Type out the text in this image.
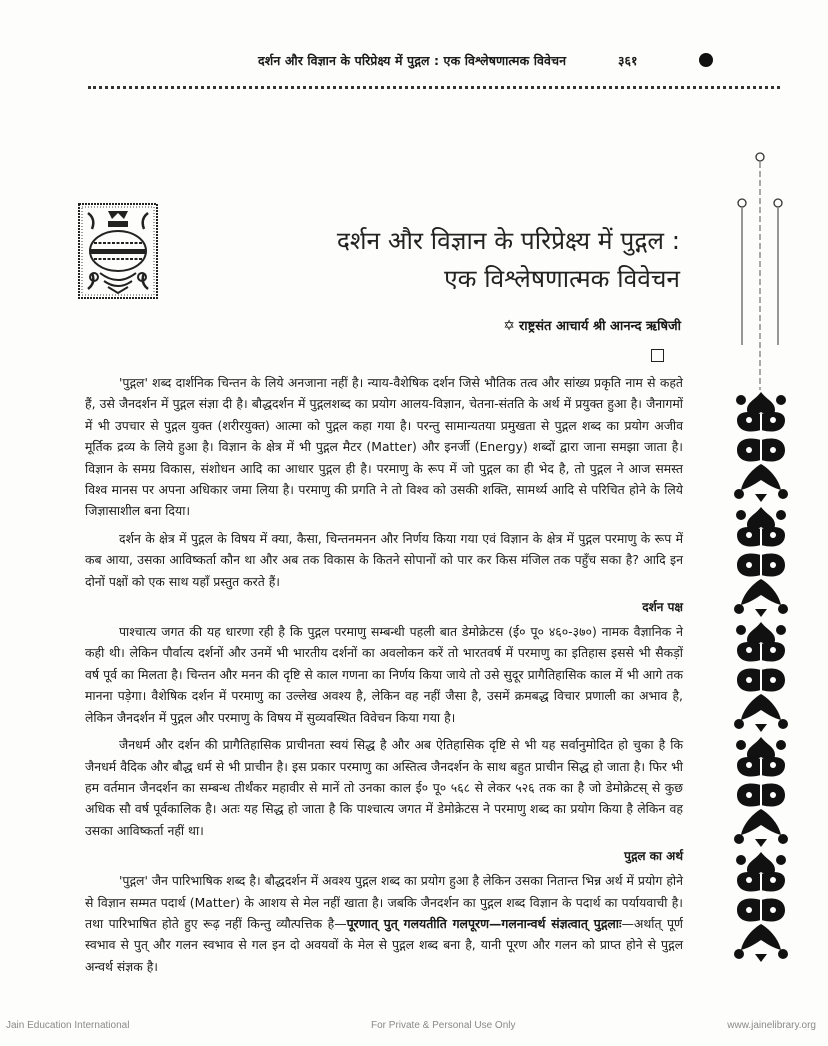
दर्शन और विज्ञान के परिप्रेक्ष्य में पुद्गल : एक विश्लेषणात्मक विवेचन	३६१
दर्शन और विज्ञान के परिप्रेक्ष्य में पुद्गल :
एक विश्लेषणात्मक विवेचन
✡ राष्ट्रसंत आचार्य श्री आनन्द ऋषिजी

'पुद्गल' शब्द दार्शनिक चिन्तन के लिये अनजाना नहीं है। न्याय-वैशेषिक दर्शन जिसे भौतिक तत्व और सांख्य प्रकृति नाम से कहते हैं, उसे जैनदर्शन में पुद्गल संज्ञा दी है। बौद्धदर्शन में पुद्गलशब्द का प्रयोग आलय-विज्ञान, चेतना-संतति के अर्थ में प्रयुक्त हुआ है। जैनागमों में भी उपचार से पुद्गल युक्त (शरीरयुक्त) आत्मा को पुद्गल कहा गया है। परन्तु सामान्यतया प्रमुखता से पुद्गल शब्द का प्रयोग अजीव मूर्तिक द्रव्य के लिये हुआ है। विज्ञान के क्षेत्र में भी पुद्गल मैटर (Matter) और इनर्जी (Energy) शब्दों द्वारा जाना समझा जाता है। विज्ञान के समग्र विकास, संशोधन आदि का आधार पुद्गल ही है। परमाणु के रूप में जो पुद्गल का ही भेद है, तो पुद्गल ने आज समस्त विश्व मानस पर अपना अधिकार जमा लिया है। परमाणु की प्रगति ने तो विश्व को उसकी शक्ति, सामर्थ्य आदि से परिचित होने के लिये जिज्ञासाशील बना दिया।

दर्शन के क्षेत्र में पुद्गल के विषय में क्या, कैसा, चिन्तनमनन और निर्णय किया गया एवं विज्ञान के क्षेत्र में पुद्गल परमाणु के रूप में कब आया, उसका आविष्कर्ता कौन था और अब तक विकास के कितने सोपानों को पार कर किस मंजिल तक पहुँच सका है? आदि इन दोनों पक्षों को एक साथ यहाँ प्रस्तुत करते हैं।

दर्शन पक्ष

पाश्चात्य जगत की यह धारणा रही है कि पुद्गल परमाणु सम्बन्धी पहली बात डेमोक्रेटस (ई० पू० ४६०-३७०) नामक वैज्ञानिक ने कही थी। लेकिन पौर्वात्य दर्शनों और उनमें भी भारतीय दर्शनों का अवलोकन करें तो भारतवर्ष में परमाणु का इतिहास इससे भी सैकड़ों वर्ष पूर्व का मिलता है। चिन्तन और मनन की दृष्टि से काल गणना का निर्णय किया जाये तो उसे सुदूर प्रागैतिहासिक काल में भी आगे तक मानना पड़ेगा। वैशेषिक दर्शन में परमाणु का उल्लेख अवश्य है, लेकिन वह नहीं जैसा है, उसमें क्रमबद्ध विचार प्रणाली का अभाव है, लेकिन जैनदर्शन में पुद्गल और परमाणु के विषय में सुव्यवस्थित विवेचन किया गया है।

जैनधर्म और दर्शन की प्रागैतिहासिक प्राचीनता स्वयं सिद्ध है और अब ऐतिहासिक दृष्टि से भी यह सर्वानुमोदित हो चुका है कि जैनधर्म वैदिक और बौद्ध धर्म से भी प्राचीन है। इस प्रकार परमाणु का अस्तित्व जैनदर्शन के साथ बहुत प्राचीन सिद्ध हो जाता है। फिर भी हम वर्तमान जैनदर्शन का सम्बन्ध तीर्थंकर महावीर से मानें तो उनका काल ई० पू० ५६८ से लेकर ५२६ तक का है जो डेमोक्रेटस् से कुछ अधिक सौ वर्ष पूर्वकालिक है। अतः यह सिद्ध हो जाता है कि पाश्चात्य जगत में डेमोक्रेटस ने परमाणु शब्द का प्रयोग किया है लेकिन वह उसका आविष्कर्ता नहीं था।

पुद्गल का अर्थ

'पुद्गल' जैन पारिभाषिक शब्द है। बौद्धदर्शन में अवश्य पुद्गल शब्द का प्रयोग हुआ है लेकिन उसका नितान्त भिन्न अर्थ में प्रयोग होने से विज्ञान सम्मत पदार्थ (Matter) के आशय से मेल नहीं खाता है। जबकि जैनदर्शन का पुद्गल शब्द विज्ञान के पदार्थ का पर्यायवाची है। तथा पारिभाषित होते हुए रूढ़ नहीं किन्तु व्यौत्पत्तिक है—पूरणात् पुत् गलयतीति गलपूरण—गलनान्वर्थ संज्ञत्वात् पुद्गलाः—अर्थात् पूर्ण स्वभाव से पुत् और गलन स्वभाव से गल इन दो अवयवों के मेल से पुद्गल शब्द बना है, यानी पूरण और गलन को प्राप्त होने से पुद्गल अन्वर्थ संज्ञक है।

Jain Education International	For Private & Personal Use Only	www.jainelibrary.org
